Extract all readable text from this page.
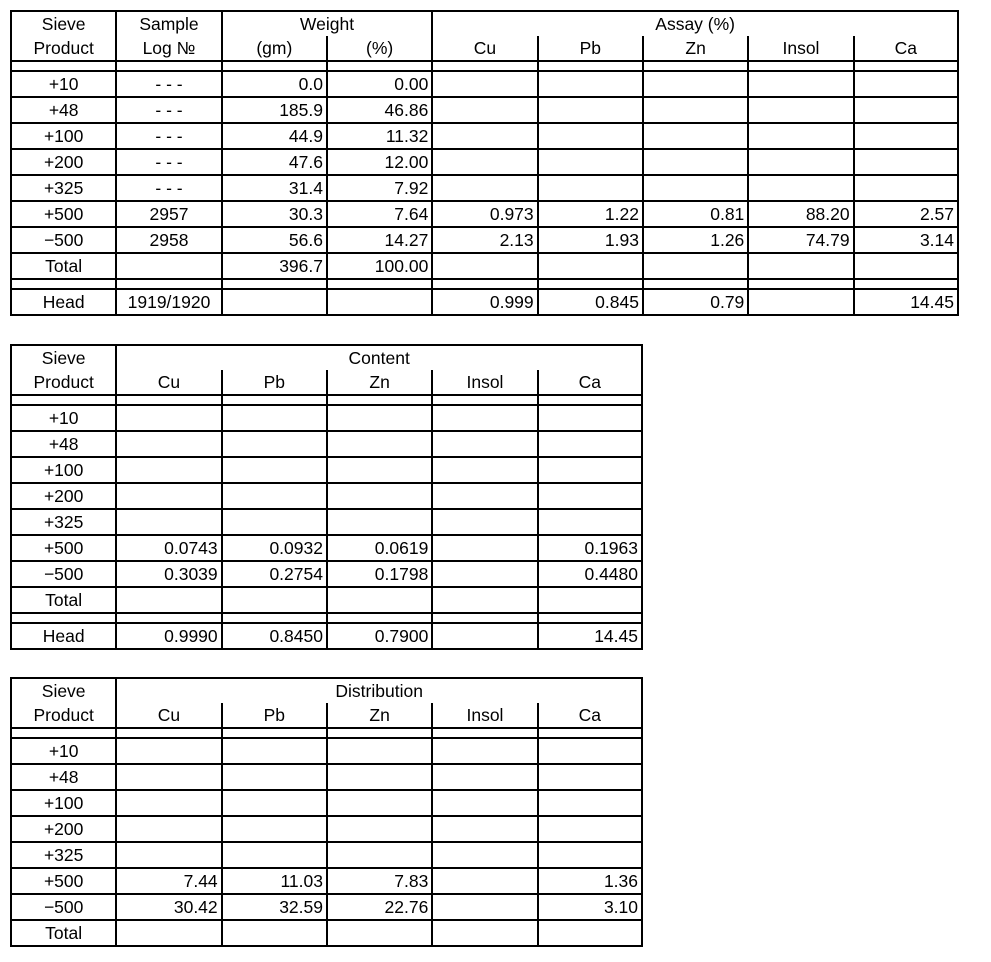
Sieve	Sample	Weight		Assay (%)				
Product	Log №	(gm)	(%)	Cu	Pb	Zn	Insol	Ca

+10	- - -	0.0	0.00					
+48	- - -	185.9	46.86					
+100	- - -	44.9	11.32					
+200	- - -	47.6	12.00					
+325	- - -	31.4	7.92					
+500	2957	30.3	7.64	0.973	1.22	0.81	88.20	2.57
−500	2958	56.6	14.27	2.13	1.93	1.26	74.79	3.14
Total		396.7	100.00					

Head	1919/1920			0.999	0.845	0.79		14.45
Sieve	Content				
Product	Cu	Pb	Zn	Insol	Ca

+10					
+48					
+100					
+200					
+325					
+500	0.0743	0.0932	0.0619		0.1963
−500	0.3039	0.2754	0.1798		0.4480
Total					

Head	0.9990	0.8450	0.7900		14.45
Sieve	Distribution				
Product	Cu	Pb	Zn	Insol	Ca

+10					
+48					
+100					
+200					
+325					
+500	7.44	11.03	7.83		1.36
−500	30.42	32.59	22.76		3.10
Total					
